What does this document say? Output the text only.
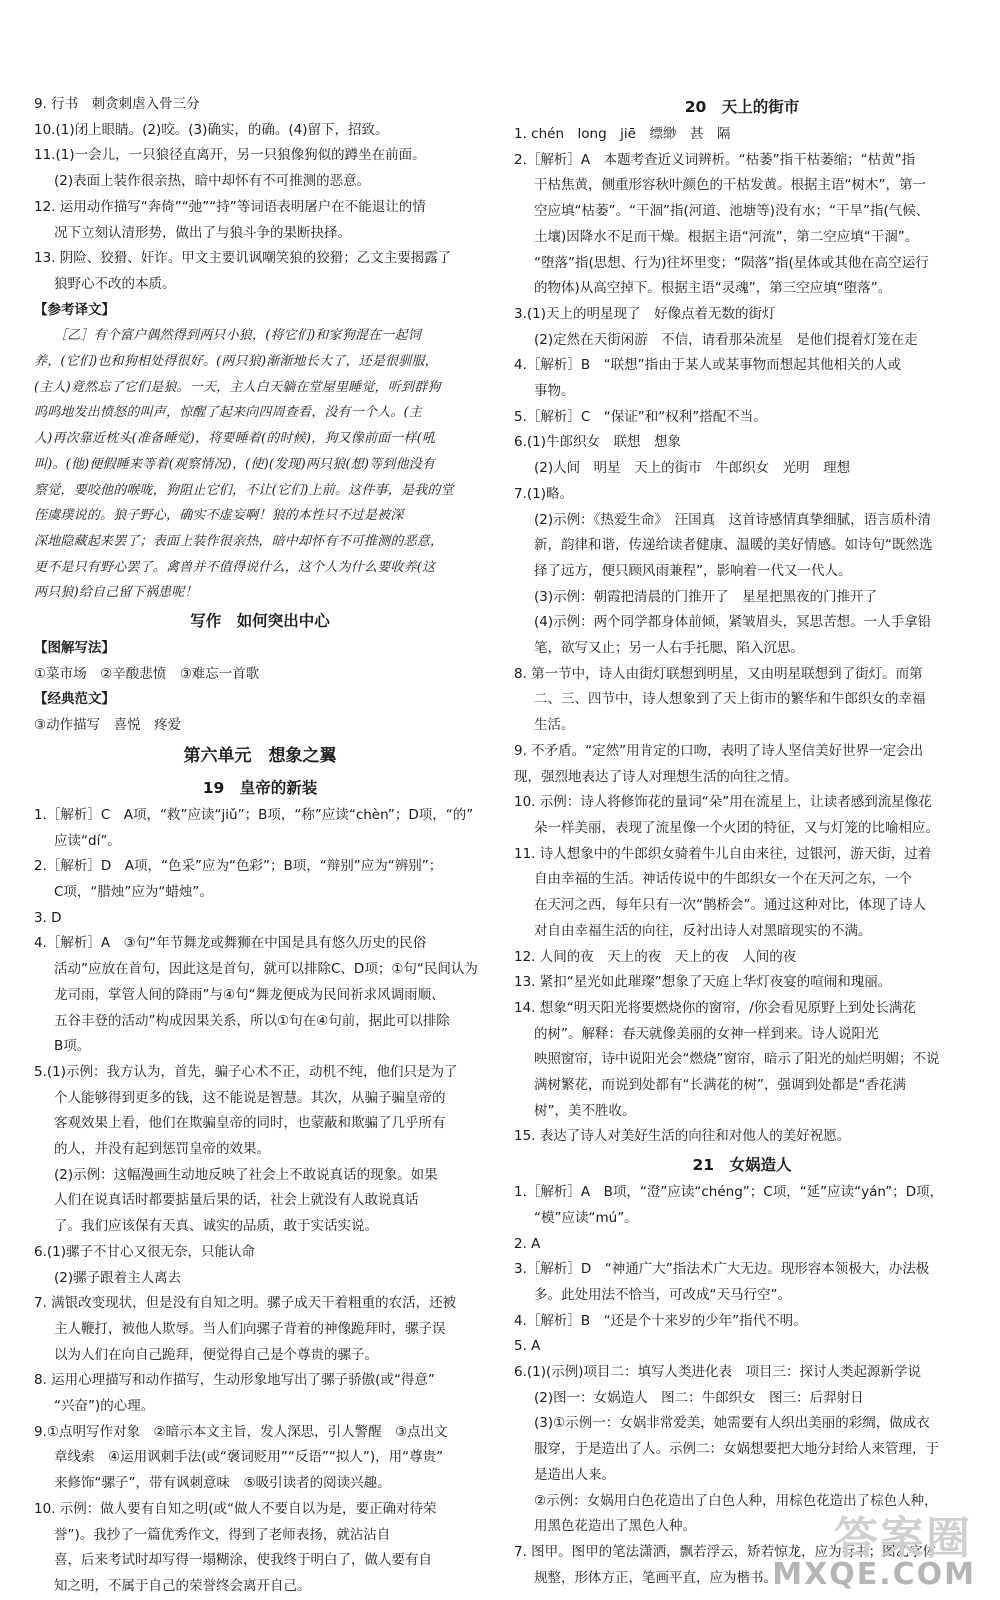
9. 行书　刺贪刺虐入骨三分
10.(1)闭上眼睛。(2)咬。(3)确实，的确。(4)留下，招致。
11.(1)一会儿，一只狼径直离开，另一只狼像狗似的蹲坐在前面。
(2)表面上装作很亲热，暗中却怀有不可推测的恶意。
12. 运用动作描写“奔倚”“弛”“持”等词语表明屠户在不能退让的情
况下立刻认清形势，做出了与狼斗争的果断抉择。
13. 阴险、狡猾、奸诈。甲文主要讥讽嘲笑狼的狡猾；乙文主要揭露了
狼野心不改的本质。
【参考译文】
［乙］有个富户偶然得到两只小狼，(将它们)和家狗混在一起饲
养，(它们)也和狗相处得很好。(两只狼)渐渐地长大了，还是很驯服，
(主人)竟然忘了它们是狼。一天，主人白天躺在堂屋里睡觉，听到群狗
呜呜地发出愤怒的叫声，惊醒了起来向四周查看，没有一个人。(主
人)再次靠近枕头(准备睡觉)，将要睡着(的时候)，狗又像前面一样(吼
叫)。(他)便假睡来等着(观察情况)，(使)(发现)两只狼(想)等到他没有
察觉，要咬他的喉咙，狗阻止它们，不让(它们)上前。这件事，是我的堂
侄虞璞说的。狼子野心，确实不虚妄啊！狼的本性只不过是被深
深地隐藏起来罢了；表面上装作很亲热，暗中却怀有不可推测的恶意，
更不是只有野心罢了。禽兽并不值得说什么，这个人为什么要收养(这
两只狼)给自己留下祸患呢！
写作　如何突出中心
【图解写法】
①菜市场　②辛酸悲愤　③难忘一首歌
【经典范文】
③动作描写　喜悦　疼爱
第六单元　想象之翼
19　皇帝的新装
1.［解析］C　A项，“救”应读“jiǔ”；B项，“称”应读“chèn”；D项，“的”
应读“dí”。
2.［解析］D　A项，“色采”应为“色彩”；B项，“辩别”应为“辨别”；
C项，“腊烛”应为“蜡烛”。
3. D
4.［解析］A　③句“年节舞龙或舞狮在中国是具有悠久历史的民俗
活动”应放在首句，因此这是首句，就可以排除C、D项；①句“民间认为
龙司雨，掌管人间的降雨”与④句“舞龙便成为民间祈求风调雨顺、
五谷丰登的活动”构成因果关系，所以①句在④句前，据此可以排除
B项。
5.(1)示例：我方认为，首先，骗子心术不正，动机不纯，他们只是为了
个人能够得到更多的钱，这不能说是智慧。其次，从骗子骗皇帝的
客观效果上看，他们在欺骗皇帝的同时，也蒙蔽和欺骗了几乎所有
的人，并没有起到惩罚皇帝的效果。
(2)示例：这幅漫画生动地反映了社会上不敢说真话的现象。如果
人们在说真话时都要掂量后果的话，社会上就没有人敢说真话
了。我们应该保有天真、诚实的品质，敢于实话实说。
6.(1)骡子不甘心又很无奈，只能认命
(2)骡子跟着主人离去
7. 满银改变现状，但是没有自知之明。骡子成天干着粗重的农活，还被
主人鞭打，被他人欺辱。当人们向骡子背着的神像跪拜时，骡子误
以为人们在向自己跪拜，便觉得自己是个尊贵的骡子。
8. 运用心理描写和动作描写，生动形象地写出了骡子骄傲(或“得意”
“兴奋”)的心理。
9.①点明写作对象　②暗示本文主旨，发人深思，引人警醒　③点出文
章线索　④运用讽刺手法(或“褒词贬用”“反语”“拟人”)，用“尊贵”
来修饰“骡子”，带有讽刺意味　⑤吸引读者的阅读兴趣。
10. 示例：做人要有自知之明(或“做人不要自以为是，要正确对待荣
誉”)。我抄了一篇优秀作文，得到了老师表扬，就沾沾自
喜，后来考试时却写得一塌糊涂，使我终于明白了，做人要有自
知之明，不属于自己的荣誉终会离开自己。
20　天上的街市
1. chén　long　jiē　缥缈　甚　隔
2.［解析］A　本题考查近义词辨析。“枯萎”指干枯萎缩；“枯黄”指
干枯焦黄，侧重形容秋叶颜色的干枯发黄。根据主语“树木”，第一
空应填“枯萎”。“干涸”指(河道、池塘等)没有水；“干旱”指(气候、
土壤)因降水不足而干燥。根据主语“河流”，第二空应填“干涸”。
“堕落”指(思想、行为)往坏里变；“陨落”指(星体或其他在高空运行
的物体)从高空掉下。根据主语“灵魂”，第三空应填“堕落”。
3.(1)天上的明星现了　好像点着无数的街灯
(2)定然在天街闲游　不信，请看那朵流星　是他们提着灯笼在走
4.［解析］B　“联想”指由于某人或某事物而想起其他相关的人或
事物。
5.［解析］C　“保证”和“权利”搭配不当。
6.(1)牛郎织女　联想　想象
(2)人间　明星　天上的街市　牛郎织女　光明　理想
7.(1)略。
(2)示例：《热爱生命》　汪国真　这首诗感情真挚细腻，语言质朴清
新，韵律和谐，传递给读者健康、温暖的美好情感。如诗句“既然选
择了远方，便只顾风雨兼程”，影响着一代又一代人。
(3)示例：朝霞把清晨的门推开了　星星把黑夜的门推开了
(4)示例：两个同学都身体前倾，紧皱眉头，冥思苦想。一人手拿铅
笔，欲写又止；另一人右手托腮，陷入沉思。
8. 第一节中，诗人由街灯联想到明星，又由明星联想到了街灯。而第
二、三、四节中，诗人想象到了天上街市的繁华和牛郎织女的幸福
生活。
9. 不矛盾。“定然”用肯定的口吻，表明了诗人坚信美好世界一定会出
现，强烈地表达了诗人对理想生活的向往之情。
10. 示例：诗人将修饰花的量词“朵”用在流星上，让读者感到流星像花
朵一样美丽，表现了流星像一个火团的特征，又与灯笼的比喻相应。
11. 诗人想象中的牛郎织女骑着牛儿自由来往，过银河，游天街，过着
自由幸福的生活。神话传说中的牛郎织女一个在天河之东，一个
在天河之西，每年只有一次“鹊桥会”。通过这种对比，体现了诗人
对自由幸福生活的向往，反衬出诗人对黑暗现实的不满。
12. 人间的夜　天上的夜　天上的夜　人间的夜
13. 紧扣“星光如此璀璨”想象了天庭上华灯夜宴的喧闹和瑰丽。
14. 想象“明天阳光将要燃烧你的窗帘，/你会看见原野上到处长满花
的树”。解释：春天就像美丽的女神一样到来。诗人说阳光
映照窗帘，诗中说阳光会“燃烧”窗帘，暗示了阳光的灿烂明媚；不说
满树繁花，而说到处都有“长满花的树”，强调到处都是“香花满
树”，美不胜收。
15. 表达了诗人对美好生活的向往和对他人的美好祝愿。
21　女娲造人
1.［解析］A　B项，“澄”应读“chéng”；C项，“延”应读“yán”；D项，
“模”应读“mú”。
2. A
3.［解析］D　“神通广大”指法术广大无边。现形容本领极大，办法极
多。此处用法不恰当，可改成“天马行空”。
4.［解析］B　“还是个十来岁的少年”指代不明。
5. A
6.(1)(示例)项目二：填写人类进化表　项目三：探讨人类起源新学说
(2)图一：女娲造人　图二：牛郎织女　图三：后羿射日
(3)①示例一：女娲非常爱美，她需要有人织出美丽的彩绸，做成衣
服穿，于是造出了人。示例二：女娲想要把大地分封给人来管理，于
是造出人来。
②示例：女娲用白色花造出了白色人种，用棕色花造出了棕色人种，
用黑色花造出了黑色人种。
7. 图甲。图甲的笔法潇洒，飘若浮云，矫若惊龙，应为行书；图乙字体
规整，形体方正，笔画平直，应为楷书。
答案圈
MXQE.COM
